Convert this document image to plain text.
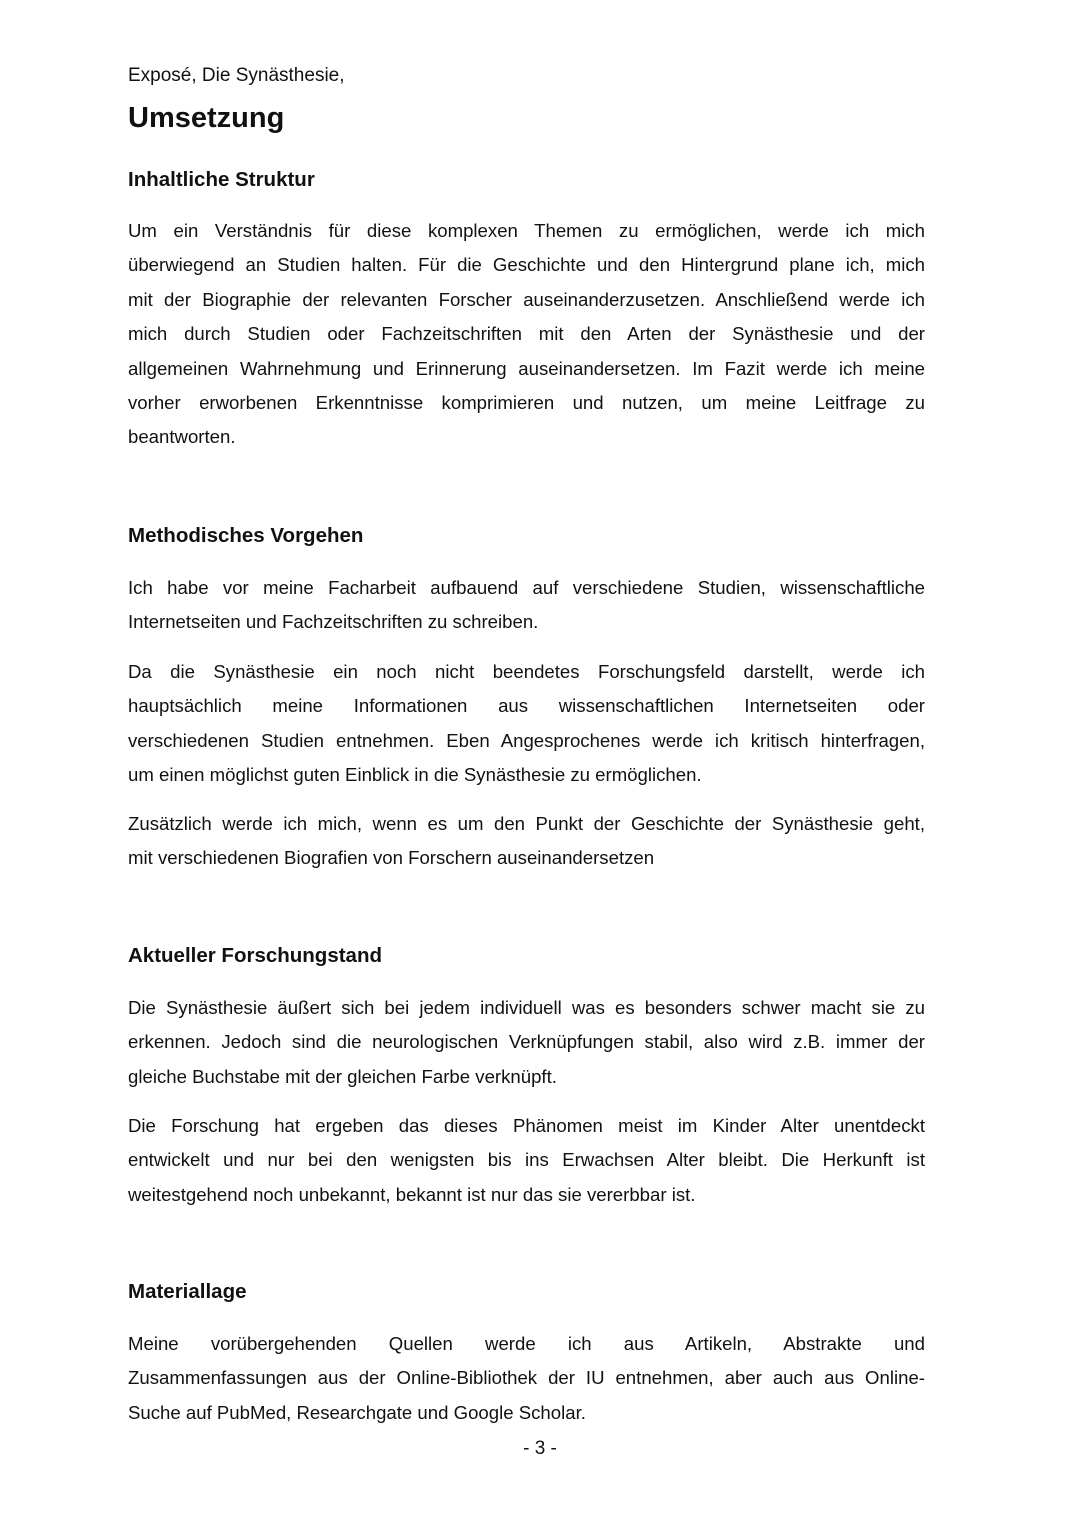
Exposé, Die Synästhesie,
Umsetzung
Inhaltliche Struktur
Um ein Verständnis für diese komplexen Themen zu ermöglichen, werde ich mich
überwiegend an Studien halten. Für die Geschichte und den Hintergrund plane ich, mich
mit der Biographie der relevanten Forscher auseinanderzusetzen. Anschließend werde ich
mich durch Studien oder Fachzeitschriften mit den Arten der Synästhesie und der
allgemeinen Wahrnehmung und Erinnerung auseinandersetzen. Im Fazit werde ich meine
vorher erworbenen Erkenntnisse komprimieren und nutzen, um meine Leitfrage zu
beantworten.
Methodisches Vorgehen
Ich habe vor meine Facharbeit aufbauend auf verschiedene Studien, wissenschaftliche
Internetseiten und Fachzeitschriften zu schreiben.
Da die Synästhesie ein noch nicht beendetes Forschungsfeld darstellt, werde ich
hauptsächlich meine Informationen aus wissenschaftlichen Internetseiten oder
verschiedenen Studien entnehmen. Eben Angesprochenes werde ich kritisch hinterfragen,
um einen möglichst guten Einblick in die Synästhesie zu ermöglichen.
Zusätzlich werde ich mich, wenn es um den Punkt der Geschichte der Synästhesie geht,
mit verschiedenen Biografien von Forschern auseinandersetzen
Aktueller Forschungstand
Die Synästhesie äußert sich bei jedem individuell was es besonders schwer macht sie zu
erkennen. Jedoch sind die neurologischen Verknüpfungen stabil, also wird z.B. immer der
gleiche Buchstabe mit der gleichen Farbe verknüpft.
Die Forschung hat ergeben das dieses Phänomen meist im Kinder Alter unentdeckt
entwickelt und nur bei den wenigsten bis ins Erwachsen Alter bleibt. Die Herkunft ist
weitestgehend noch unbekannt, bekannt ist nur das sie vererbbar ist.
Materiallage
Meine vorübergehenden Quellen werde ich aus Artikeln, Abstrakte und
Zusammenfassungen aus der Online-Bibliothek der IU entnehmen, aber auch aus Online-
Suche auf PubMed, Researchgate und Google Scholar.
- 3 -
